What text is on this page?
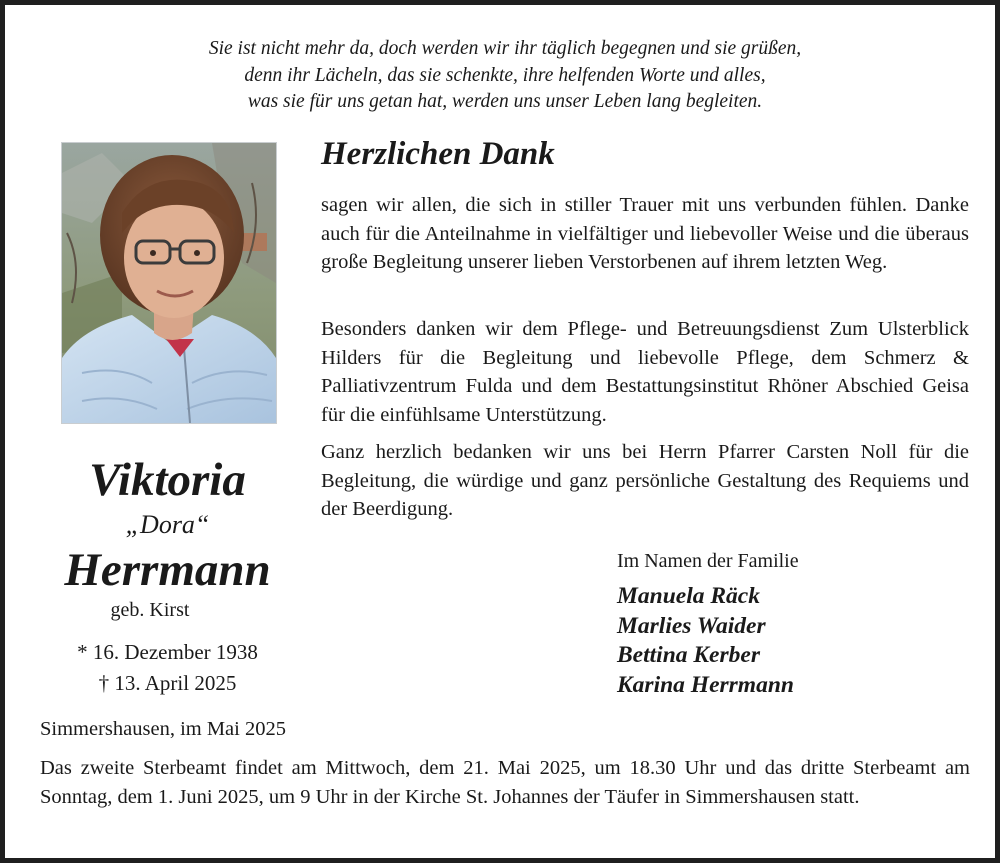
Sie ist nicht mehr da, doch werden wir ihr täglich begegnen und sie grüßen,
denn ihr Lächeln, das sie schenkte, ihre helfenden Worte und alles,
was sie für uns getan hat, werden uns unser Leben lang begleiten.
Viktoria
„Dora“
Herrmann
geb. Kirst
* 16. Dezember 1938
† 13. April 2025
Herzlichen Dank
sagen wir allen, die sich in stiller Trauer mit uns verbunden fühlen. Danke auch für die Anteilnahme in vielfältiger und liebevoller Weise und die überaus große Begleitung unserer lieben Verstorbenen auf ihrem letzten Weg.
Besonders danken wir dem Pflege- und Betreuungsdienst Zum Ulsterblick Hilders für die Begleitung und liebevolle Pflege, dem Schmerz & Palliativzentrum Fulda und dem Bestattungsinstitut Rhöner Abschied Geisa für die einfühlsame Unterstützung.
Ganz herzlich bedanken wir uns bei Herrn Pfarrer Carsten Noll für die Begleitung, die würdige und ganz persönliche Gestaltung des Requiems und der Beerdigung.
Im Namen der Familie
Manuela Räck
Marlies Waider
Bettina Kerber
Karina Herrmann
Simmershausen, im Mai 2025
Das zweite Sterbeamt findet am Mittwoch, dem 21. Mai 2025, um 18.30 Uhr und das dritte Sterbeamt am Sonntag, dem 1. Juni 2025, um 9 Uhr in der Kirche St. Johannes der Täufer in Simmershausen statt.
